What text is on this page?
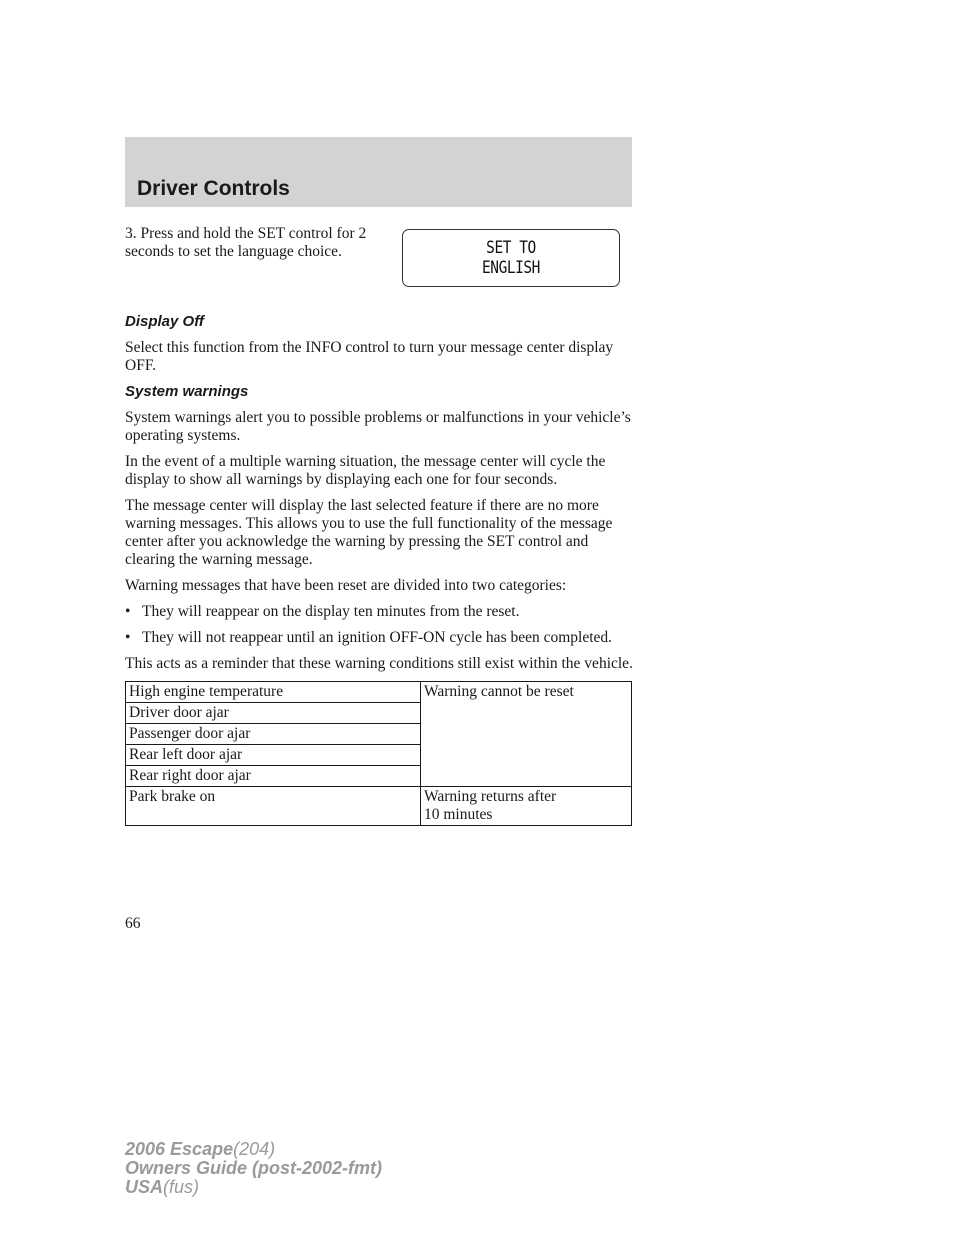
Driver Controls
3. Press and hold the SET control for 2 seconds to set the language choice.	SET TO
ENGLISH
Display Off

Select this function from the INFO control to turn your message center display OFF.

System warnings

System warnings alert you to possible problems or malfunctions in your vehicle’s operating systems.

In the event of a multiple warning situation, the message center will cycle the display to show all warnings by displaying each one for four seconds.

The message center will display the last selected feature if there are no more warning messages. This allows you to use the full functionality of the message center after you acknowledge the warning by pressing the SET control and clearing the warning message.

Warning messages that have been reset are divided into two categories:

• They will reappear on the display ten minutes from the reset.
• They will not reappear until an ignition OFF-ON cycle has been completed.

This acts as a reminder that these warning conditions still exist within the vehicle.

High engine temperature	Warning cannot be reset
Driver door ajar	
Passenger door ajar	
Rear left door ajar	
Rear right door ajar	
Park brake on	Warning returns after
10 minutes
66
2006 Escape(204)
Owners Guide (post-2002-fmt)
USA(fus)
